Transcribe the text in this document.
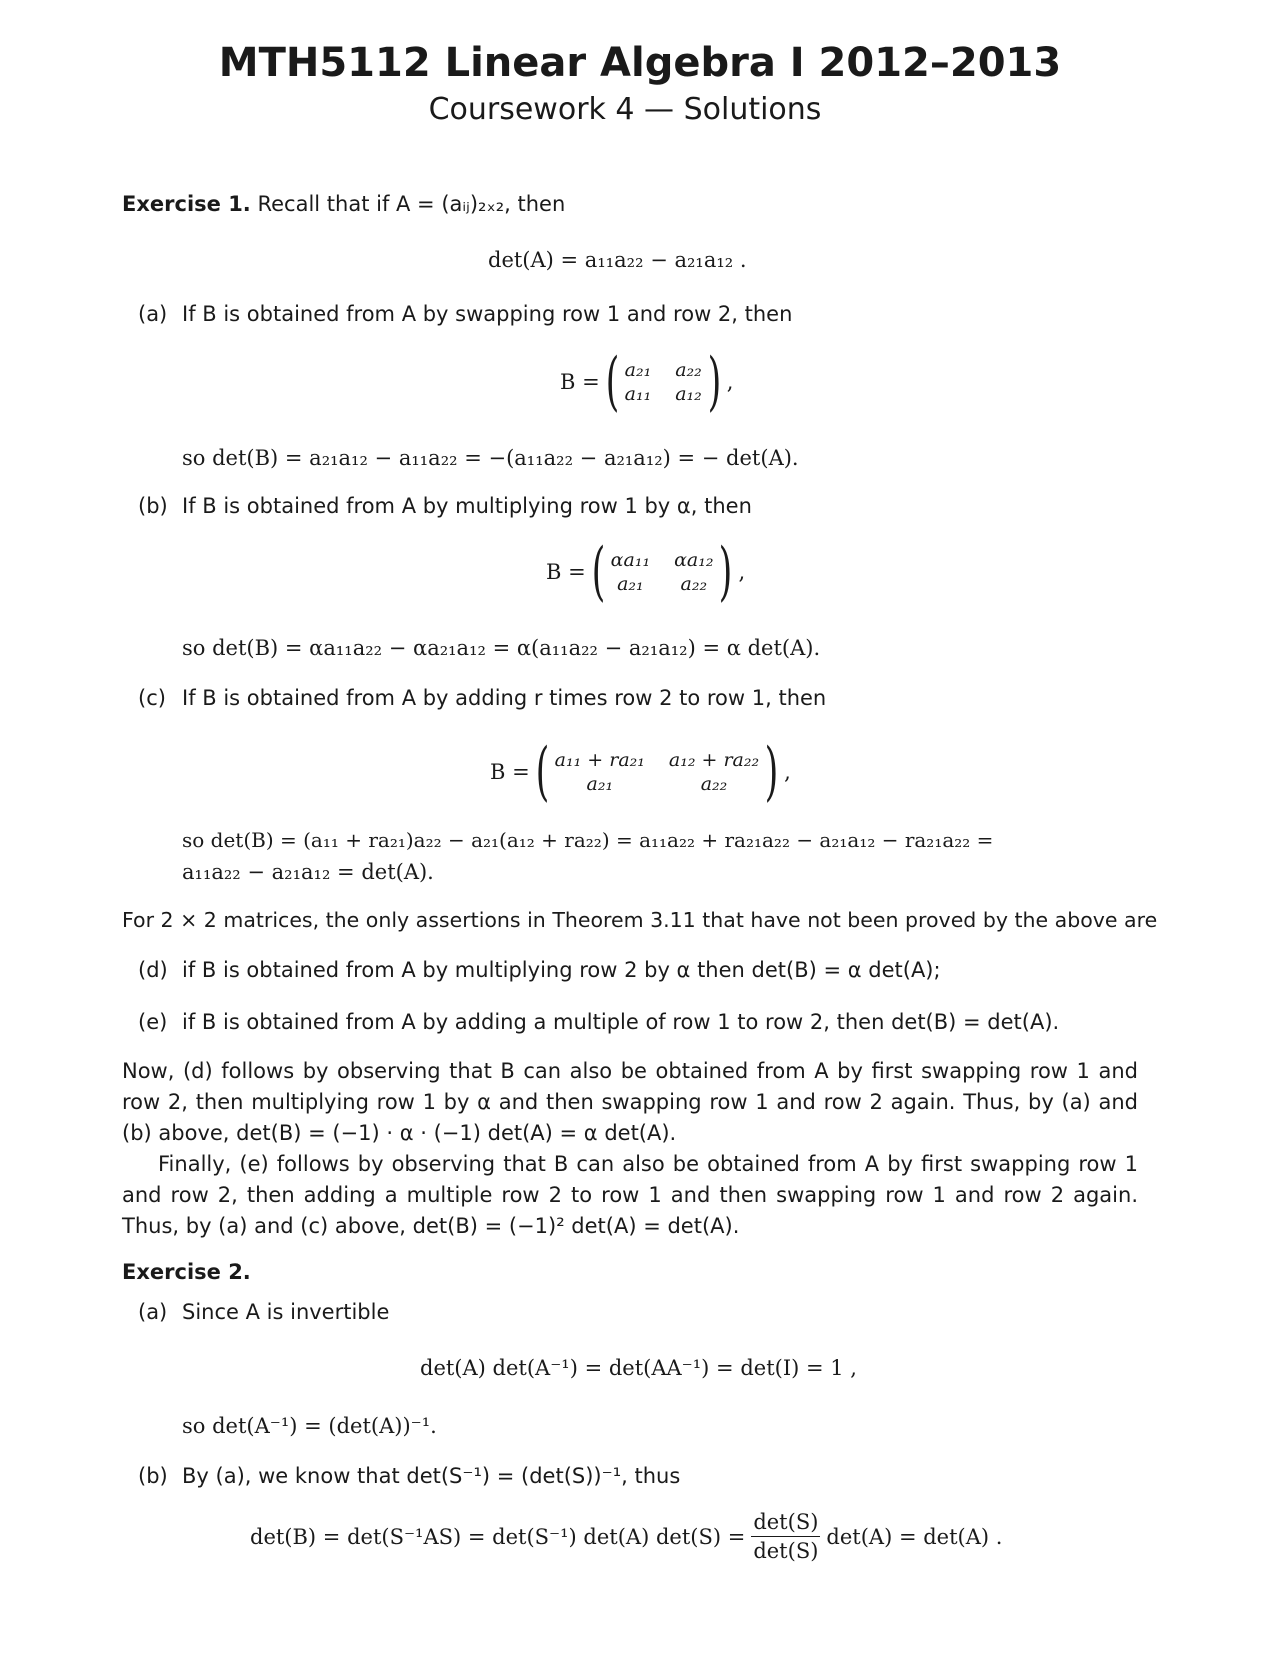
MTH5112 Linear Algebra I 2012–2013
Coursework 4 — Solutions
Exercise 1. Recall that if A = (aᵢⱼ)₂ₓ₂, then
det(A) = a₁₁a₂₂ − a₂₁a₁₂ .
(a) If B is obtained from A by swapping row 1 and row 2, then
B = ( a₂₁ a₂₂
a₁₁ a₁₂ ) ,
so det(B) = a₂₁a₁₂ − a₁₁a₂₂ = −(a₁₁a₂₂ − a₂₁a₁₂) = − det(A).
(b) If B is obtained from A by multiplying row 1 by α, then
B = ( αa₁₁ αa₁₂
a₂₁	a₂₂ ) ,
so det(B) = αa₁₁a₂₂ − αa₂₁a₁₂ = α(a₁₁a₂₂ − a₂₁a₁₂) = α det(A).
(c) If B is obtained from A by adding r times row 2 to row 1, then
B = ( a₁₁ + ra₂₁ a₁₂ + ra₂₂
a₂₁	a₂₂ ) ,
so det(B) = (a₁₁ + ra₂₁)a₂₂ − a₂₁(a₁₂ + ra₂₂) = a₁₁a₂₂ + ra₂₁a₂₂ − a₂₁a₁₂ − ra₂₁a₂₂ =
a₁₁a₂₂ − a₂₁a₁₂ = det(A).
For 2 × 2 matrices, the only assertions in Theorem 3.11 that have not been proved by the above are
(d) if B is obtained from A by multiplying row 2 by α then det(B) = α det(A);
(e) if B is obtained from A by adding a multiple of row 1 to row 2, then det(B) = det(A).
Now, (d) follows by observing that B can also be obtained from A by first swapping row 1 and row 2, then multiplying row 1 by α and then swapping row 1 and row 2 again. Thus, by (a) and (b) above, det(B) = (−1) · α · (−1) det(A) = α det(A).
Finally, (e) follows by observing that B can also be obtained from A by first swapping row 1 and row 2, then adding a multiple row 2 to row 1 and then swapping row 1 and row 2 again. Thus, by (a) and (c) above, det(B) = (−1)² det(A) = det(A).
Exercise 2.
(a) Since A is invertible
det(A) det(A⁻¹) = det(AA⁻¹) = det(I) = 1 ,
so det(A⁻¹) = (det(A))⁻¹.
(b) By (a), we know that det(S⁻¹) = (det(S))⁻¹, thus
det(B) = det(S⁻¹AS) = det(S⁻¹) det(A) $\det(S) = \frac{\det(S)}{\det(S)} \det(A) = \det(A)$ .
